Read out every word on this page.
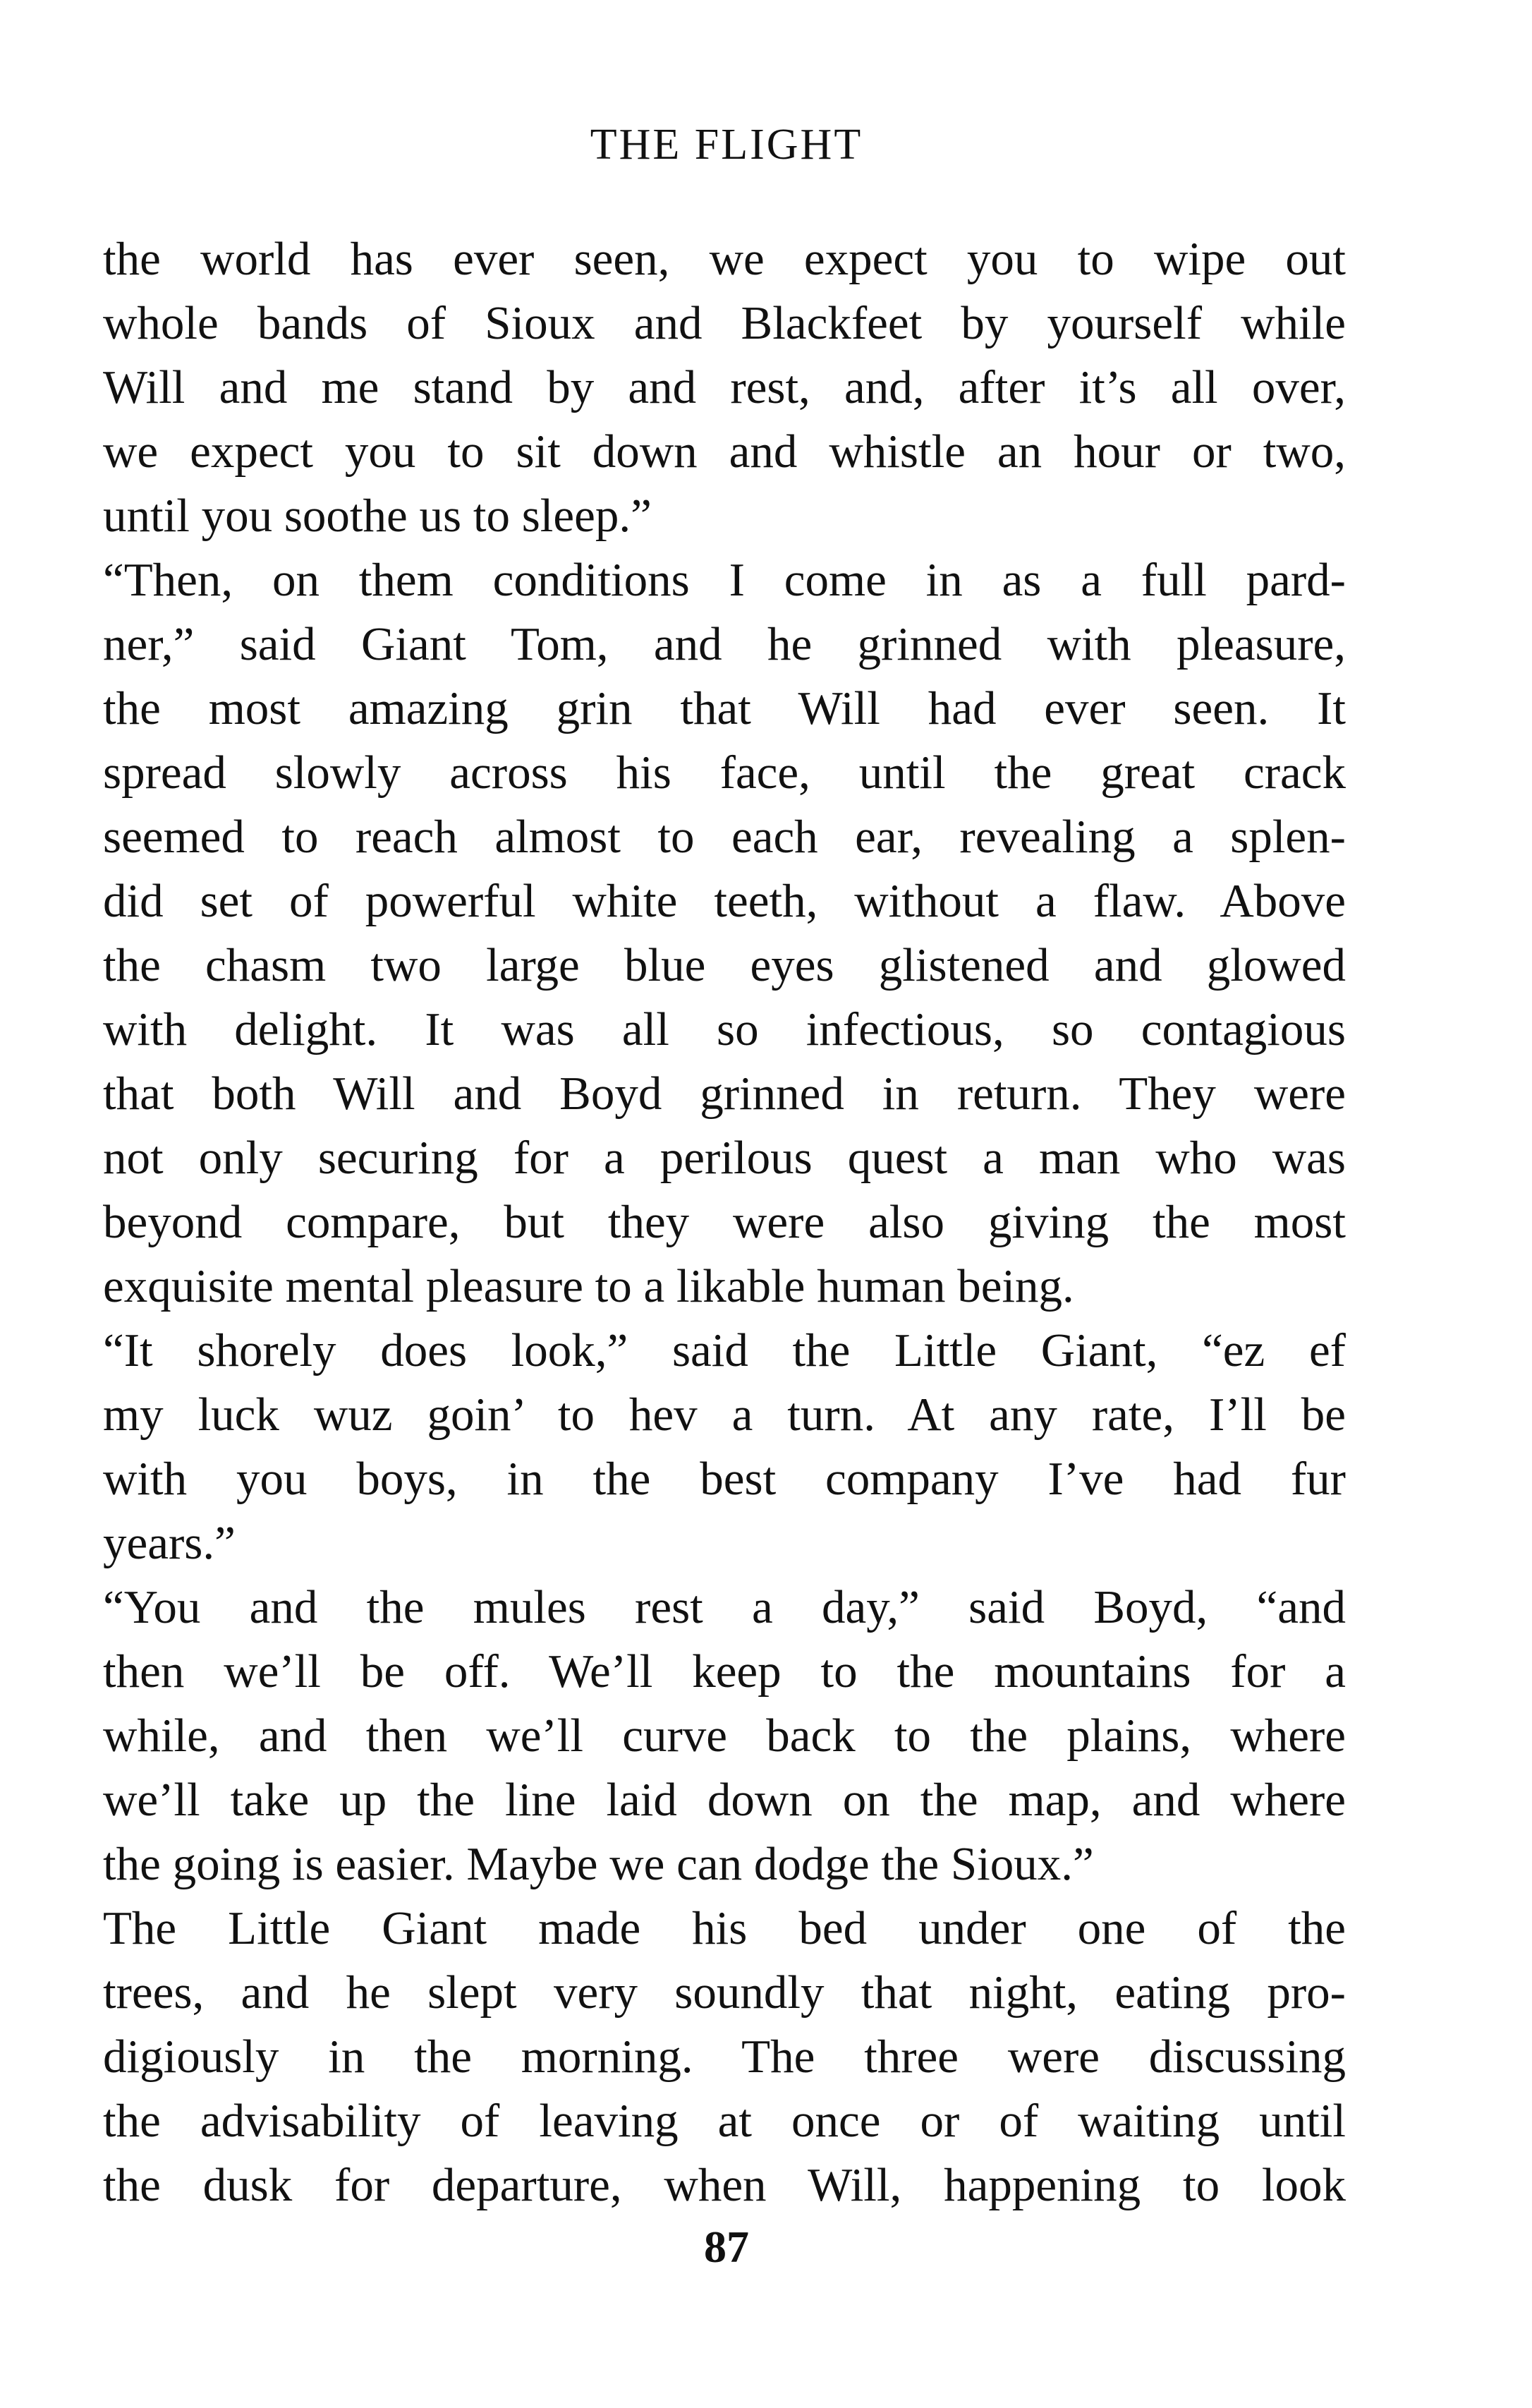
THE FLIGHT
the world has ever seen, we expect you to wipe out
whole bands of Sioux and Blackfeet by yourself while
Will and me stand by and rest, and, after it’s all over,
we expect you to sit down and whistle an hour or two,
until you soothe us to sleep.”
“Then, on them conditions I come in as a full pard-
ner,” said Giant Tom, and he grinned with pleasure,
the most amazing grin that Will had ever seen. It
spread slowly across his face, until the great crack
seemed to reach almost to each ear, revealing a splen-
did set of powerful white teeth, without a flaw. Above
the chasm two large blue eyes glistened and glowed
with delight. It was all so infectious, so contagious
that both Will and Boyd grinned in return. They were
not only securing for a perilous quest a man who was
beyond compare, but they were also giving the most
exquisite mental pleasure to a likable human being.
“It shorely does look,” said the Little Giant, “ez ef
my luck wuz goin’ to hev a turn. At any rate, I’ll be
with you boys, in the best company I’ve had fur
years.”
“You and the mules rest a day,” said Boyd, “and
then we’ll be off. We’ll keep to the mountains for a
while, and then we’ll curve back to the plains, where
we’ll take up the line laid down on the map, and where
the going is easier. Maybe we can dodge the Sioux.”
The Little Giant made his bed under one of the
trees, and he slept very soundly that night, eating pro-
digiously in the morning. The three were discussing
the advisability of leaving at once or of waiting until
the dusk for departure, when Will, happening to look
87
